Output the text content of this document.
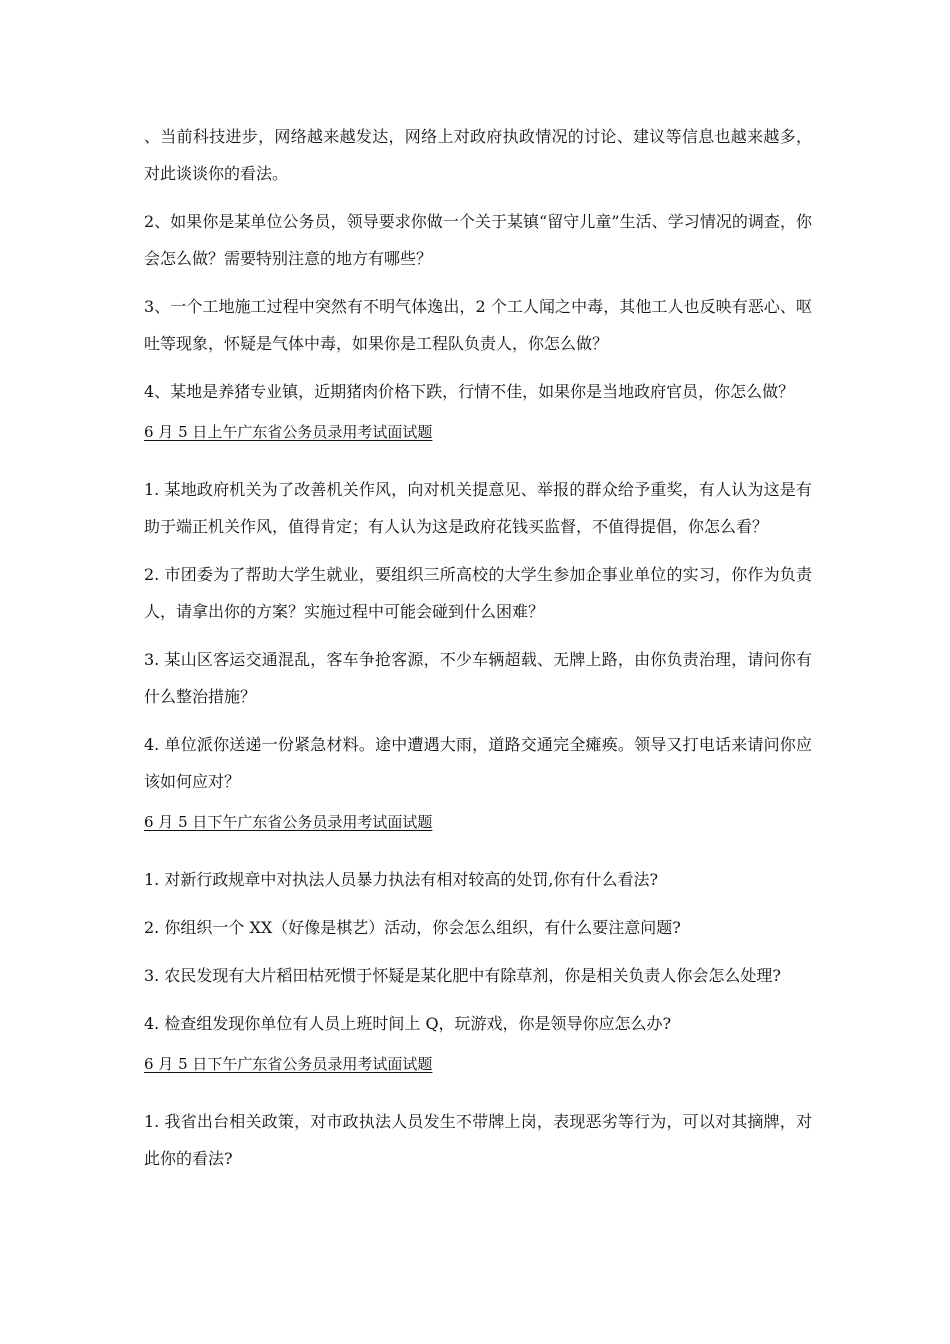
、当前科技进步，网络越来越发达，网络上对政府执政情况的讨论、建议等信息也越来越多，对此谈谈你的看法。

2、如果你是某单位公务员，领导要求你做一个关于某镇“留守儿童”生活、学习情况的调查，你会怎么做？需要特别注意的地方有哪些？

3、一个工地施工过程中突然有不明气体逸出，2 个工人闻之中毒，其他工人也反映有恶心、呕吐等现象，怀疑是气体中毒，如果你是工程队负责人，你怎么做？

4、某地是养猪专业镇，近期猪肉价格下跌，行情不佳，如果你是当地政府官员，你怎么做？

6 月 5 日上午广东省公务员录用考试面试题

1. 某地政府机关为了改善机关作风，向对机关提意见、举报的群众给予重奖，有人认为这是有助于端正机关作风，值得肯定；有人认为这是政府花钱买监督，不值得提倡，你怎么看？

2. 市团委为了帮助大学生就业，要组织三所高校的大学生参加企事业单位的实习，你作为负责人，请拿出你的方案？实施过程中可能会碰到什么困难？

3. 某山区客运交通混乱，客车争抢客源，不少车辆超载、无牌上路，由你负责治理，请问你有什么整治措施？

4. 单位派你送递一份紧急材料。途中遭遇大雨，道路交通完全瘫痪。领导又打电话来请问你应该如何应对？

6 月 5 日下午广东省公务员录用考试面试题

1. 对新行政规章中对执法人员暴力执法有相对较高的处罚,你有什么看法?

2. 你组织一个 XX（好像是棋艺）活动，你会怎么组织，有什么要注意问题?

3. 农民发现有大片稻田枯死惯于怀疑是某化肥中有除草剂，你是相关负责人你会怎么处理?

4. 检查组发现你单位有人员上班时间上 Q，玩游戏，你是领导你应怎么办?

6 月 5 日下午广东省公务员录用考试面试题

1. 我省出台相关政策，对市政执法人员发生不带牌上岗，表现恶劣等行为，可以对其摘牌，对此你的看法?
